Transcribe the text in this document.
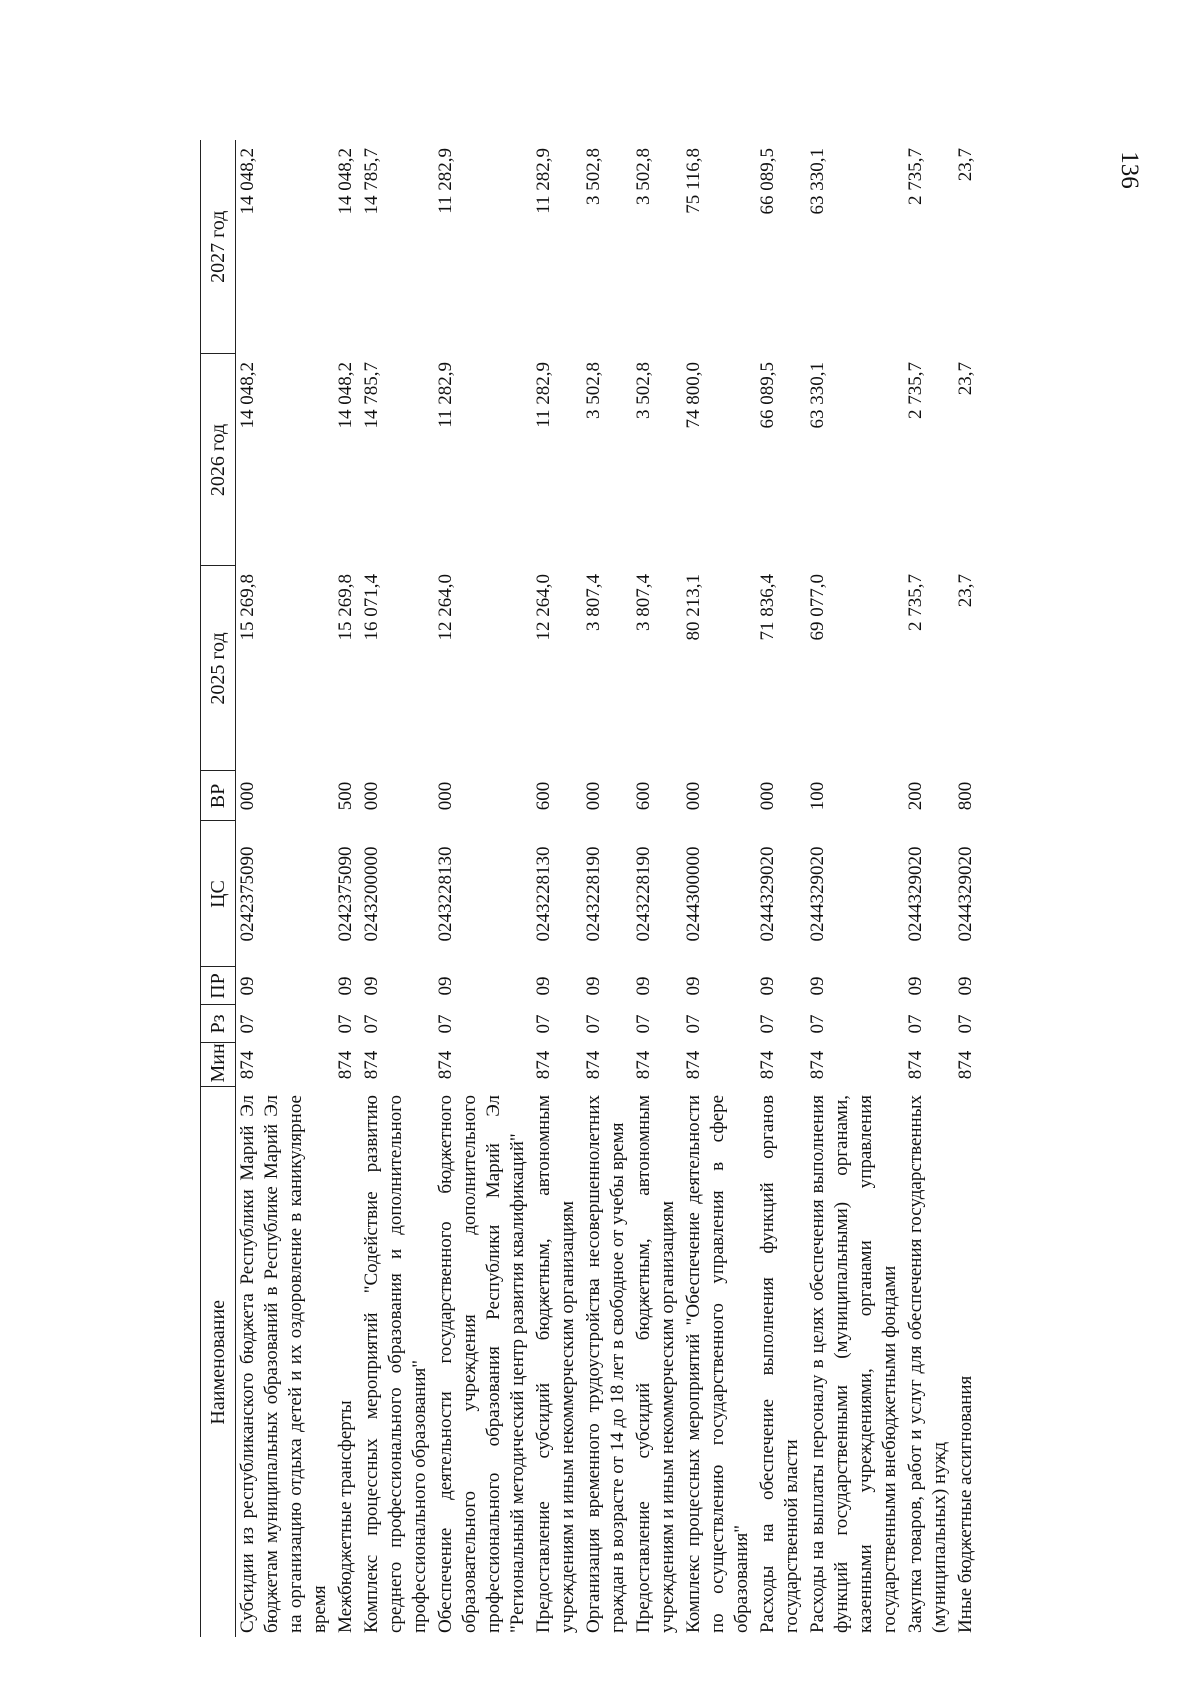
136
Наименование	Мин	Рз	ПР	ЦС	ВР	2025 год	2026 год	2027 год
Субсидии из республиканского бюджета Республики Марий Эл бюджетам муниципальных образований в Республике Марий Эл на организацию отдыха детей и их оздоровление в каникулярное время	874	07	09	0242375090	000	15 269,8	14 048,2	14 048,2
Межбюджетные трансферты	874	07	09	0242375090	500	15 269,8	14 048,2	14 048,2
Комплекс процессных мероприятий "Содействие развитию среднего профессионального образования и дополнительного профессионального образования"	874	07	09	0243200000	000	16 071,4	14 785,7	14 785,7
Обеспечение деятельности государственного бюджетного образовательного учреждения дополнительного профессионального образования Республики Марий Эл "Региональный методический центр развития квалификаций"	874	07	09	0243228130	000	12 264,0	11 282,9	11 282,9
Предоставление субсидий бюджетным, автономным учреждениям и иным некоммерческим организациям	874	07	09	0243228130	600	12 264,0	11 282,9	11 282,9
Организация временного трудоустройства несовершеннолетних граждан в возрасте от 14 до 18 лет в свободное от учебы время	874	07	09	0243228190	000	3 807,4	3 502,8	3 502,8
Предоставление субсидий бюджетным, автономным учреждениям и иным некоммерческим организациям	874	07	09	0243228190	600	3 807,4	3 502,8	3 502,8
Комплекс процессных мероприятий "Обеспечение деятельности по осуществлению государственного управления в сфере образования"	874	07	09	0244300000	000	80 213,1	74 800,0	75 116,8
Расходы на обеспечение выполнения функций органов государственной власти	874	07	09	0244329020	000	71 836,4	66 089,5	66 089,5
Расходы на выплаты персоналу в целях обеспечения выполнения функций государственными (муниципальными) органами, казенными учреждениями, органами управления государственными внебюджетными фондами	874	07	09	0244329020	100	69 077,0	63 330,1	63 330,1
Закупка товаров, работ и услуг для обеспечения государственных (муниципальных) нужд	874	07	09	0244329020	200	2 735,7	2 735,7	2 735,7
Иные бюджетные ассигнования	874	07	09	0244329020	800	23,7	23,7	23,7
